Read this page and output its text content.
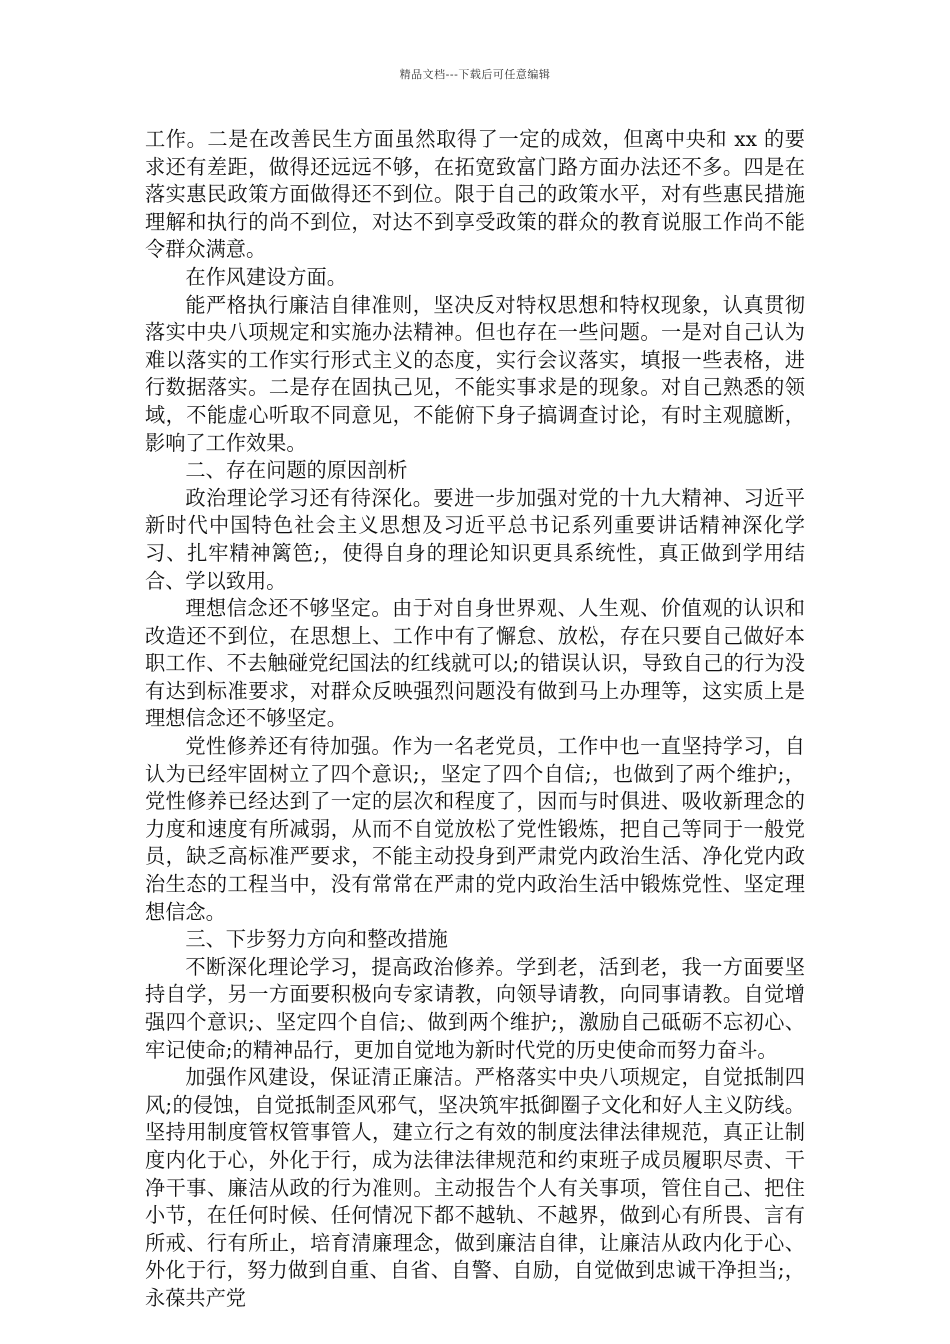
精品文档---下载后可任意编辑

工作。二是在改善民生方面虽然取得了一定的成效，但离中央和 xx 的要求还有差距，做得还远远不够，在拓宽致富门路方面办法还不多。四是在落实惠民政策方面做得还不到位。限于自己的政策水平，对有些惠民措施理解和执行的尚不到位，对达不到享受政策的群众的教育说服工作尚不能令群众满意。

在作风建设方面。

能严格执行廉洁自律准则，坚决反对特权思想和特权现象，认真贯彻落实中央八项规定和实施办法精神。但也存在一些问题。一是对自己认为难以落实的工作实行形式主义的态度，实行会议落实，填报一些表格，进行数据落实。二是存在固执己见，不能实事求是的现象。对自己熟悉的领域，不能虚心听取不同意见，不能俯下身子搞调查讨论，有时主观臆断，影响了工作效果。

二、存在问题的原因剖析

政治理论学习还有待深化。要进一步加强对党的十九大精神、习近平新时代中国特色社会主义思想及习近平总书记系列重要讲话精神深化学习、扎牢精神篱笆;，使得自身的理论知识更具系统性，真正做到学用结合、学以致用。

理想信念还不够坚定。由于对自身世界观、人生观、价值观的认识和改造还不到位，在思想上、工作中有了懈怠、放松，存在只要自己做好本职工作、不去触碰党纪国法的红线就可以;的错误认识，导致自己的行为没有达到标准要求，对群众反映强烈问题没有做到马上办理等，这实质上是理想信念还不够坚定。

党性修养还有待加强。作为一名老党员，工作中也一直坚持学习，自认为已经牢固树立了四个意识;，坚定了四个自信;，也做到了两个维护;，党性修养已经达到了一定的层次和程度了，因而与时俱进、吸收新理念的力度和速度有所减弱，从而不自觉放松了党性锻炼，把自己等同于一般党员，缺乏高标准严要求，不能主动投身到严肃党内政治生活、净化党内政治生态的工程当中，没有常常在严肃的党内政治生活中锻炼党性、坚定理想信念。

三、下步努力方向和整改措施

不断深化理论学习，提高政治修养。学到老，活到老，我一方面要坚持自学，另一方面要积极向专家请教，向领导请教，向同事请教。自觉增强四个意识;、坚定四个自信;、做到两个维护;，激励自己砥砺不忘初心、牢记使命;的精神品行，更加自觉地为新时代党的历史使命而努力奋斗。

加强作风建设，保证清正廉洁。严格落实中央八项规定，自觉抵制四风;的侵蚀，自觉抵制歪风邪气，坚决筑牢抵御圈子文化和好人主义防线。坚持用制度管权管事管人，建立行之有效的制度法律法律规范，真正让制度内化于心，外化于行，成为法律法律规范和约束班子成员履职尽责、干净干事、廉洁从政的行为准则。主动报告个人有关事项，管住自己、把住小节，在任何时候、任何情况下都不越轨、不越界，做到心有所畏、言有所戒、行有所止，培育清廉理念，做到廉洁自律，让廉洁从政内化于心、外化于行，努力做到自重、自省、自警、自励，自觉做到忠诚干净担当;，永葆共产党
